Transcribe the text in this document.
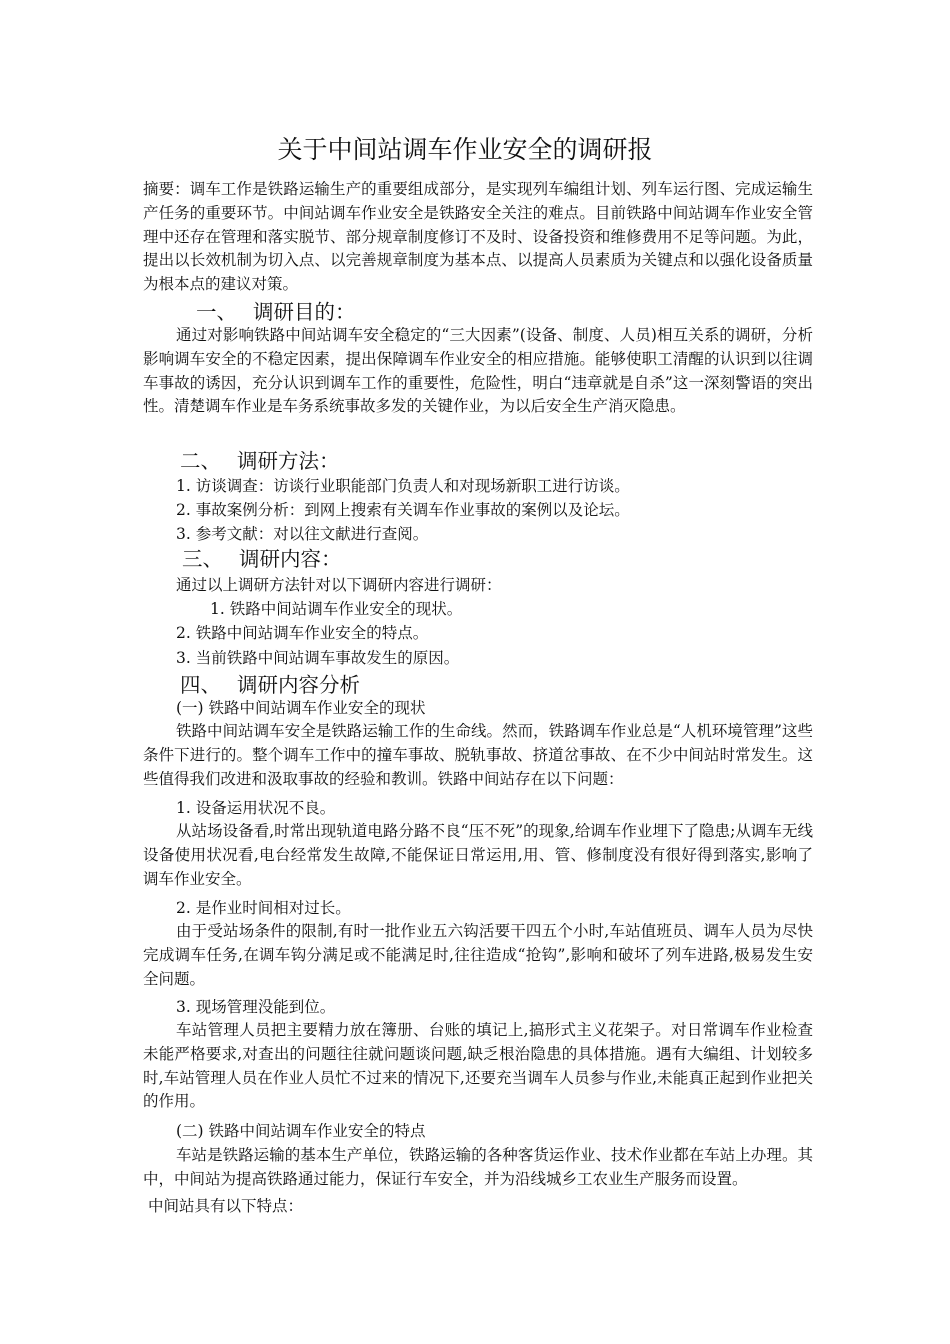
关于中间站调车作业安全的调研报

摘要：调车工作是铁路运输生产的重要组成部分，是实现列车编组计划、列车运行图、完成运输生产任务的重要环节。中间站调车作业安全是铁路安全关注的难点。目前铁路中间站调车作业安全管理中还存在管理和落实脱节、部分规章制度修订不及时、设备投资和维修费用不足等问题。为此，提出以长效机制为切入点、以完善规章制度为基本点、以提高人员素质为关键点和以强化设备质量为根本点的建议对策。

一、 调研目的：

通过对影响铁路中间站调车安全稳定的“三大因素”(设备、制度、人员)相互关系的调研，分析影响调车安全的不稳定因素，提出保障调车作业安全的相应措施。能够使职工清醒的认识到以往调车事故的诱因，充分认识到调车工作的重要性，危险性，明白“违章就是自杀”这一深刻警语的突出性。清楚调车作业是车务系统事故多发的关键作业，为以后安全生产消灭隐患。

二、 调研方法：
1. 访谈调查：访谈行业职能部门负责人和对现场新职工进行访谈。
2. 事故案例分析：到网上搜索有关调车作业事故的案例以及论坛。
3. 参考文献：对以往文献进行查阅。
三、 调研内容：
通过以上调研方法针对以下调研内容进行调研：
1. 铁路中间站调车作业安全的现状。
2. 铁路中间站调车作业安全的特点。
3. 当前铁路中间站调车事故发生的原因。
四、 调研内容分析
(一) 铁路中间站调车作业安全的现状

铁路中间站调车安全是铁路运输工作的生命线。然而，铁路调车作业总是“人机环境管理”这些条件下进行的。整个调车工作中的撞车事故、脱轨事故、挤道岔事故、在不少中间站时常发生。这些值得我们改进和汲取事故的经验和教训。铁路中间站存在以下问题：

1. 设备运用状况不良。

从站场设备看,时常出现轨道电路分路不良“压不死”的现象,给调车作业埋下了隐患;从调车无线设备使用状况看,电台经常发生故障,不能保证日常运用,用、管、修制度没有很好得到落实,影响了调车作业安全。

2. 是作业时间相对过长。

由于受站场条件的限制,有时一批作业五六钩活要干四五个小时,车站值班员、调车人员为尽快完成调车任务,在调车钩分满足或不能满足时,往往造成“抢钩”,影响和破坏了列车进路,极易发生安全问题。

3. 现场管理没能到位。

车站管理人员把主要精力放在簿册、台账的填记上,搞形式主义花架子。对日常调车作业检查未能严格要求,对查出的问题往往就问题谈问题,缺乏根治隐患的具体措施。遇有大编组、计划较多时,车站管理人员在作业人员忙不过来的情况下,还要充当调车人员参与作业,未能真正起到作业把关的作用。

(二) 铁路中间站调车作业安全的特点

车站是铁路运输的基本生产单位，铁路运输的各种客货运作业、技术作业都在车站上办理。其中，中间站为提高铁路通过能力，保证行车安全，并为沿线城乡工农业生产服务而设置。

中间站具有以下特点：
